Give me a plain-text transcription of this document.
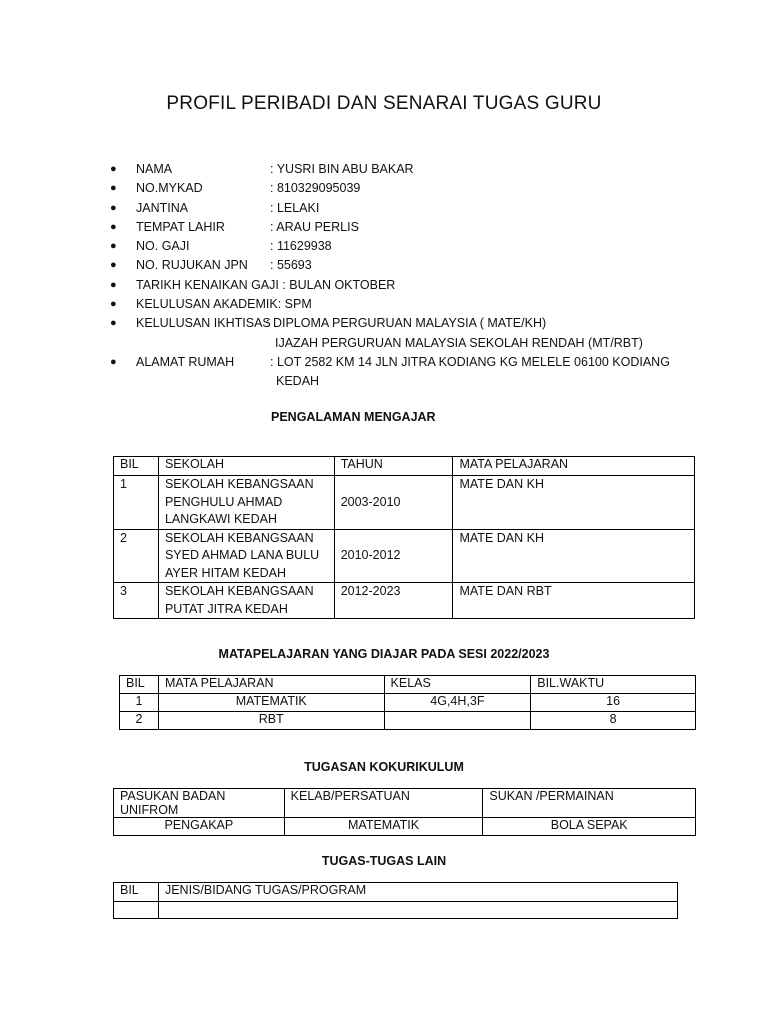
PROFIL PERIBADI DAN SENARAI TUGAS GURU
● NAMA	: YUSRI BIN ABU BAKAR
● NO.MYKAD	: 810329095039
● JANTINA	: LELAKI
● TEMPAT LAHIR	: ARAU PERLIS
● NO. GAJI	: 11629938
● NO. RUJUKAN JPN : 55693
● TARIKH KENAIKAN GAJI : BULAN OKTOBER
● KELULUSAN AKADEMIK: SPM
● KELULUSAN IKHTISAS
: DIPLOMA PERGURUAN MALAYSIA ( MATE/KH)
IJAZAH PERGURUAN MALAYSIA SEKOLAH RENDAH (MT/RBT)
● ALAMAT RUMAH	: LOT 2582 KM 14 JLN JITRA KODIANG KG MELELE 06100 KODIANG
KEDAH
PENGALAMAN MENGAJAR
BIL	SEKOLAH	TAHUN	MATA PELAJARAN
1	SEKOLAH KEBANGSAAN
PENGHULU AHMAD
LANGKAWI KEDAH	2003-2010	MATE DAN KH
2	SEKOLAH KEBANGSAAN
SYED AHMAD LANA BULU
AYER HITAM KEDAH	2010-2012	MATE DAN KH
3	SEKOLAH KEBANGSAAN
PUTAT JITRA KEDAH	2012-2023	MATE DAN RBT
MATAPELAJARAN YANG DIAJAR PADA SESI 2022/2023
BIL	MATA PELAJARAN	KELAS	BIL.WAKTU
1	MATEMATIK	4G,4H,3F	16
2	RBT		8
TUGASAN KOKURIKULUM
PASUKAN BADAN UNIFROM	KELAB/PERSATUAN	SUKAN /PERMAINAN
PENGAKAP	MATEMATIK	BOLA SEPAK
TUGAS-TUGAS LAIN
BIL	JENIS/BIDANG TUGAS/PROGRAM
